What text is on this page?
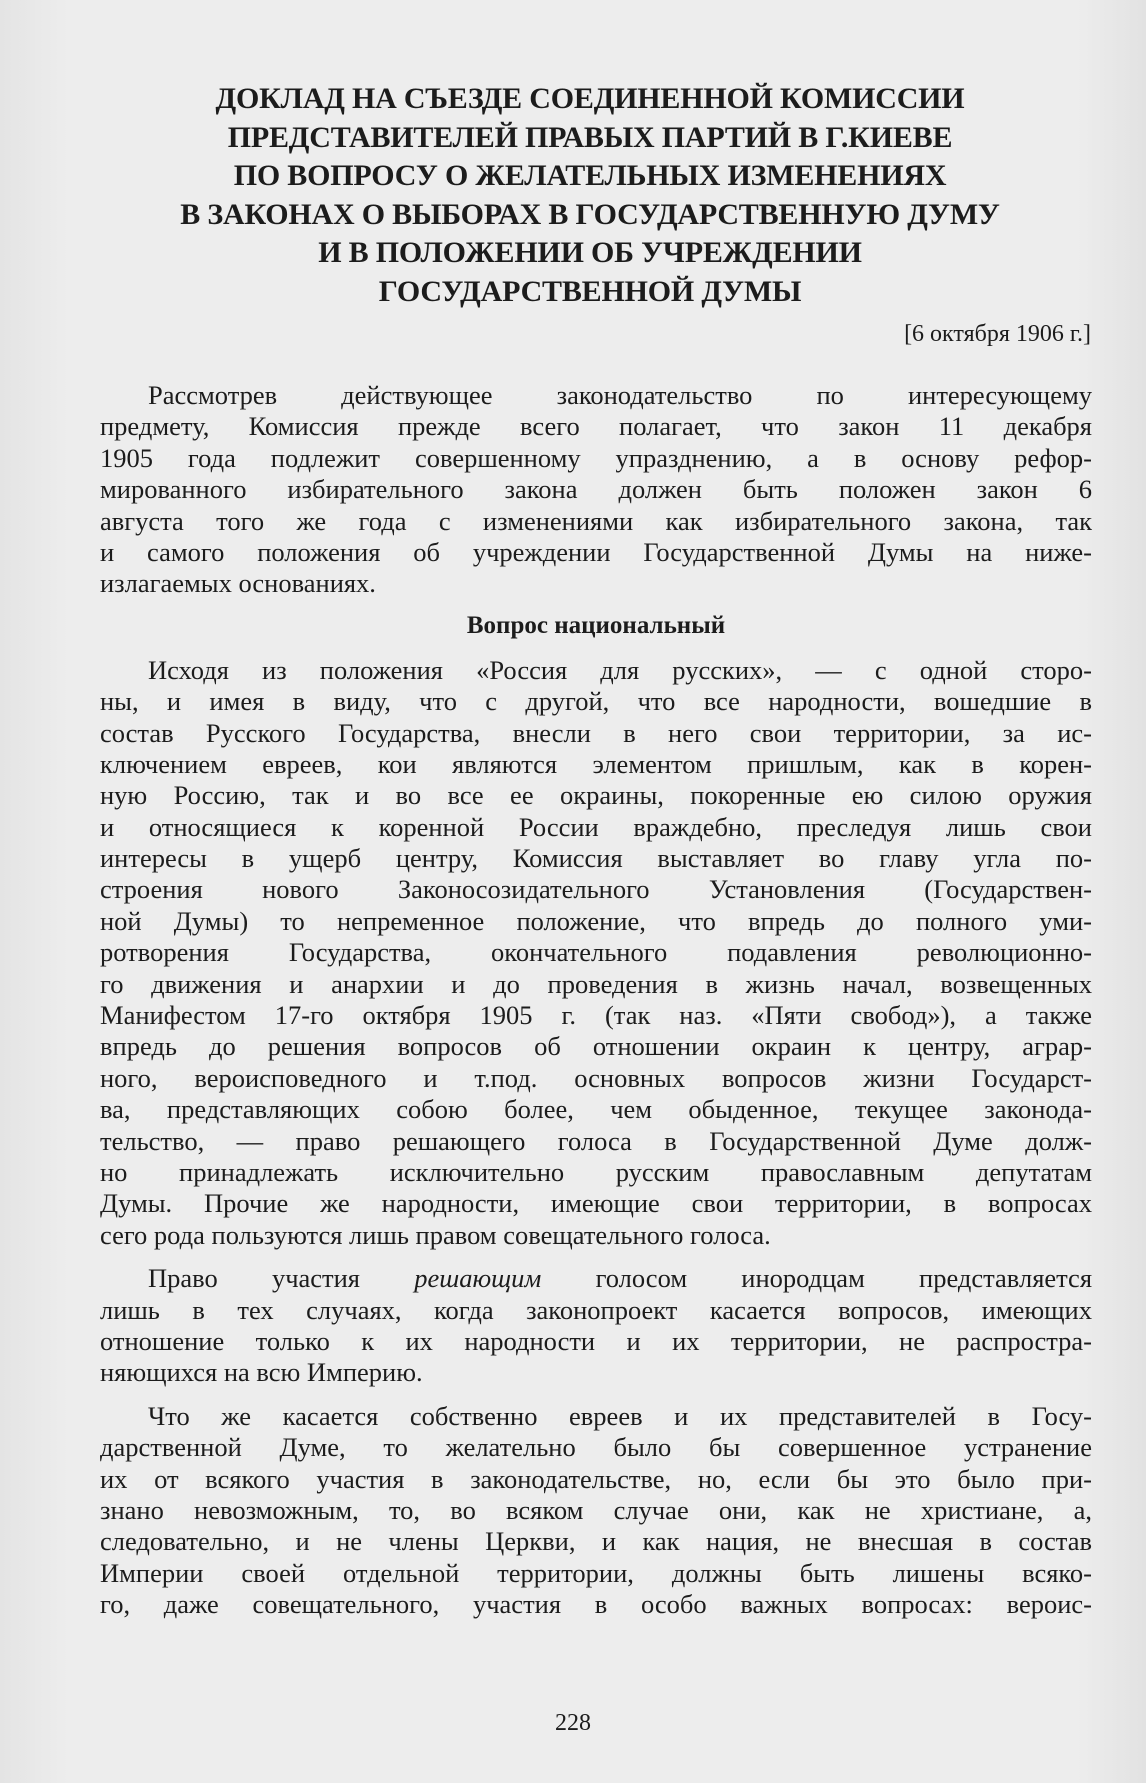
ДОКЛАД НА СЪЕЗДЕ СОЕДИНЕННОЙ КОМИССИИ
ПРЕДСТАВИТЕЛЕЙ ПРАВЫХ ПАРТИЙ В Г.КИЕВЕ
ПО ВОПРОСУ О ЖЕЛАТЕЛЬНЫХ ИЗМЕНЕНИЯХ
В ЗАКОНАХ О ВЫБОРАХ В ГОСУДАРСТВЕННУЮ ДУМУ
И В ПОЛОЖЕНИИ ОБ УЧРЕЖДЕНИИ
ГОСУДАРСТВЕННОЙ ДУМЫ
[6 октября 1906 г.]
Рассмотрев действующее законодательство по интересующему
предмету, Комиссия прежде всего полагает, что закон 11 декабря
1905 года подлежит совершенному упразднению, а в основу рефор-
мированного избирательного закона должен быть положен закон 6
августа того же года с изменениями как избирательного закона, так
и самого положения об учреждении Государственной Думы на ниже-
излагаемых основаниях.
Вопрос национальный
Исходя из положения «Россия для русских», — с одной сторо-
ны, и имея в виду, что с другой, что все народности, вошедшие в
состав Русского Государства, внесли в него свои территории, за ис-
ключением евреев, кои являются элементом пришлым, как в корен-
ную Россию, так и во все ее окраины, покоренные ею силою оружия
и относящиеся к коренной России враждебно, преследуя лишь свои
интересы в ущерб центру, Комиссия выставляет во главу угла по-
строения нового Законосозидательного Установления (Государствен-
ной Думы) то непременное положение, что впредь до полного уми-
ротворения Государства, окончательного подавления революционно-
го движения и анархии и до проведения в жизнь начал, возвещенных
Манифестом 17-го октября 1905 г. (так наз. «Пяти свобод»), а также
впредь до решения вопросов об отношении окраин к центру, аграр-
ного, вероисповедного и т.под. основных вопросов жизни Государст-
ва, представляющих собою более, чем обыденное, текущее законода-
тельство, — право решающего голоса в Государственной Думе долж-
но принадлежать исключительно русским православным депутатам
Думы. Прочие же народности, имеющие свои территории, в вопросах
сего рода пользуются лишь правом совещательного голоса.
Право участия решающим голосом инородцам представляется
лишь в тех случаях, когда законопроект касается вопросов, имеющих
отношение только к их народности и их территории, не распростра-
няющихся на всю Империю.
Что же касается собственно евреев и их представителей в Госу-
дарственной Думе, то желательно было бы совершенное устранение
их от всякого участия в законодательстве, но, если бы это было при-
знано невозможным, то, во всяком случае они, как не христиане, а,
следовательно, и не члены Церкви, и как нация, не внесшая в состав
Империи своей отдельной территории, должны быть лишены всяко-
го, даже совещательного, участия в особо важных вопросах: вероис-
228
